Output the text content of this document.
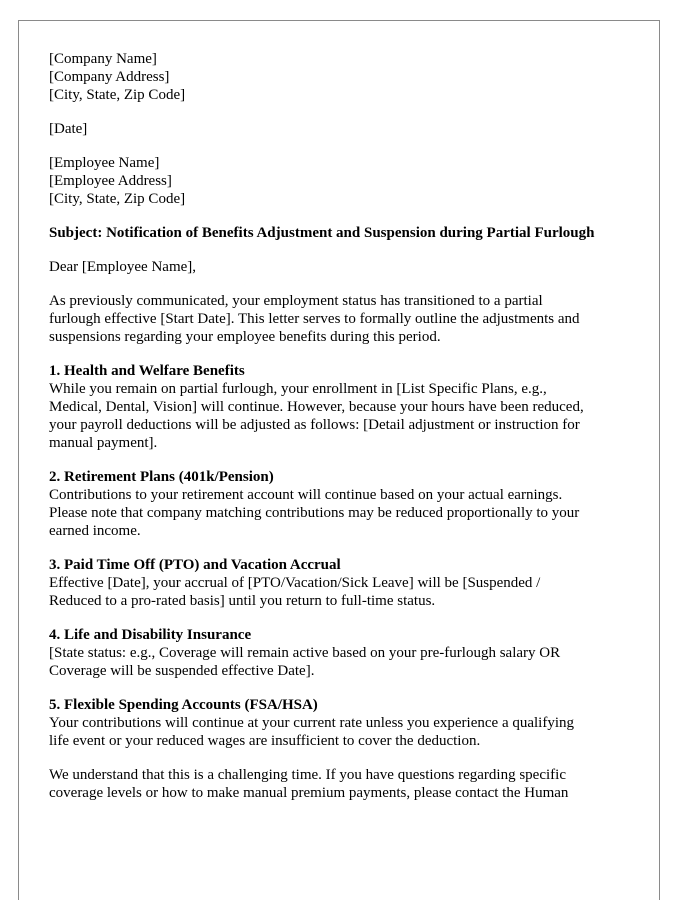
[Company Name]
[Company Address]
[City, State, Zip Code]

[Date]

[Employee Name]
[Employee Address]
[City, State, Zip Code]

Subject: Notification of Benefits Adjustment and Suspension during Partial Furlough

Dear [Employee Name],

As previously communicated, your employment status has transitioned to a partial
furlough effective [Start Date]. This letter serves to formally outline the adjustments and
suspensions regarding your employee benefits during this period.

1. Health and Welfare Benefits
While you remain on partial furlough, your enrollment in [List Specific Plans, e.g.,
Medical, Dental, Vision] will continue. However, because your hours have been reduced,
your payroll deductions will be adjusted as follows: [Detail adjustment or instruction for
manual payment].

2. Retirement Plans (401k/Pension)
Contributions to your retirement account will continue based on your actual earnings.
Please note that company matching contributions may be reduced proportionally to your
earned income.

3. Paid Time Off (PTO) and Vacation Accrual
Effective [Date], your accrual of [PTO/Vacation/Sick Leave] will be [Suspended /
Reduced to a pro-rated basis] until you return to full-time status.

4. Life and Disability Insurance
[State status: e.g., Coverage will remain active based on your pre-furlough salary OR
Coverage will be suspended effective Date].

5. Flexible Spending Accounts (FSA/HSA)
Your contributions will continue at your current rate unless you experience a qualifying
life event or your reduced wages are insufficient to cover the deduction.

We understand that this is a challenging time. If you have questions regarding specific
coverage levels or how to make manual premium payments, please contact the Human
